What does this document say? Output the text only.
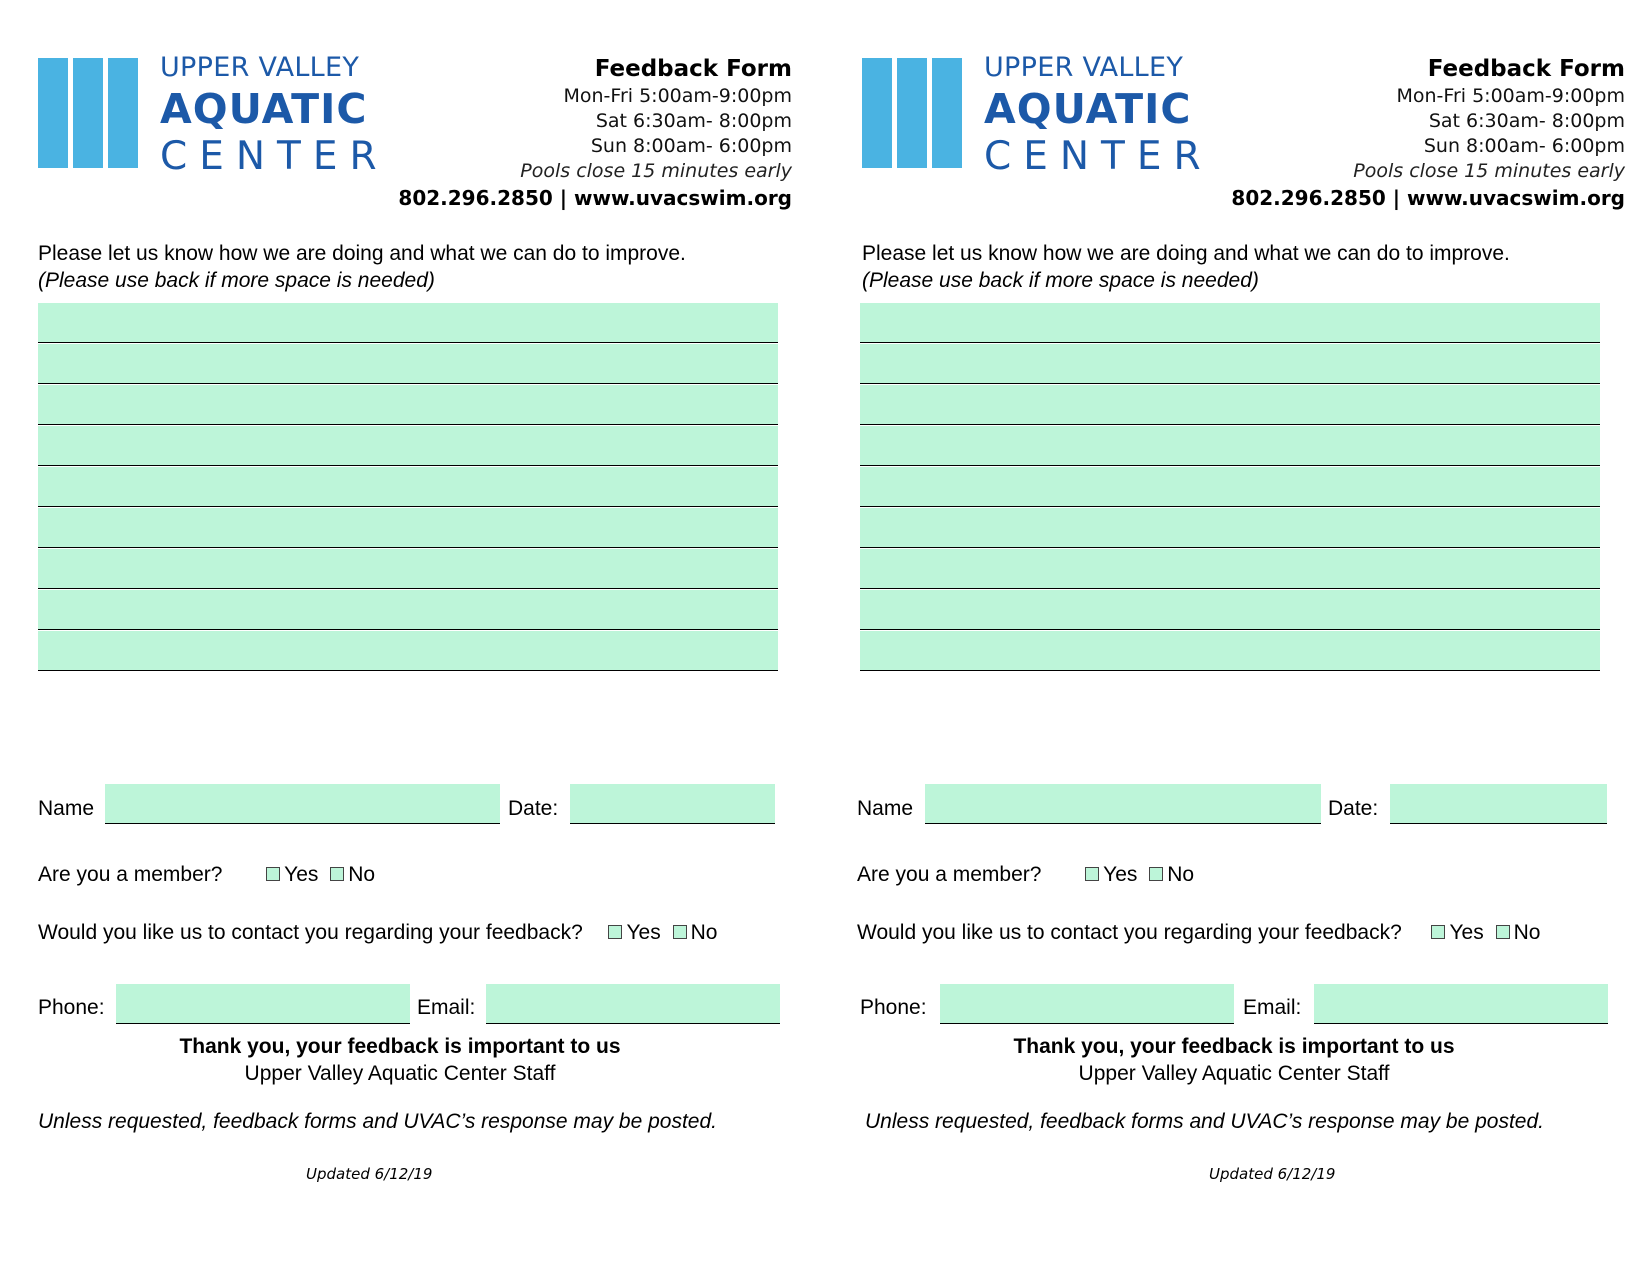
UPPER VALLEY
AQUATIC
CENTER
Feedback Form
Mon-Fri 5:00am-9:00pm
Sat 6:30am- 8:00pm
Sun 8:00am- 6:00pm
Pools close 15 minutes early
802.296.2850 | www.uvacswim.org
Please let us know how we are doing and what we can do to improve.
(Please use back if more space is needed)
Name	Date:
Are you a member?	Yes No
Would you like us to contact you regarding your feedback? Yes No
Phone:	Email:
Thank you, your feedback is important to us
Upper Valley Aquatic Center Staff
Unless requested, feedback forms and UVAC’s response may be posted.
Updated 6/12/19
UPPER VALLEY
AQUATIC
CENTER
Feedback Form
Mon-Fri 5:00am-9:00pm
Sat 6:30am- 8:00pm
Sun 8:00am- 6:00pm
Pools close 15 minutes early
802.296.2850 | www.uvacswim.org
Please let us know how we are doing and what we can do to improve.
(Please use back if more space is needed)
Name	Date:
Are you a member?	Yes No
Would you like us to contact you regarding your feedback? Yes No
Phone:	Email:
Thank you, your feedback is important to us
Upper Valley Aquatic Center Staff
Unless requested, feedback forms and UVAC’s response may be posted.
Updated 6/12/19
